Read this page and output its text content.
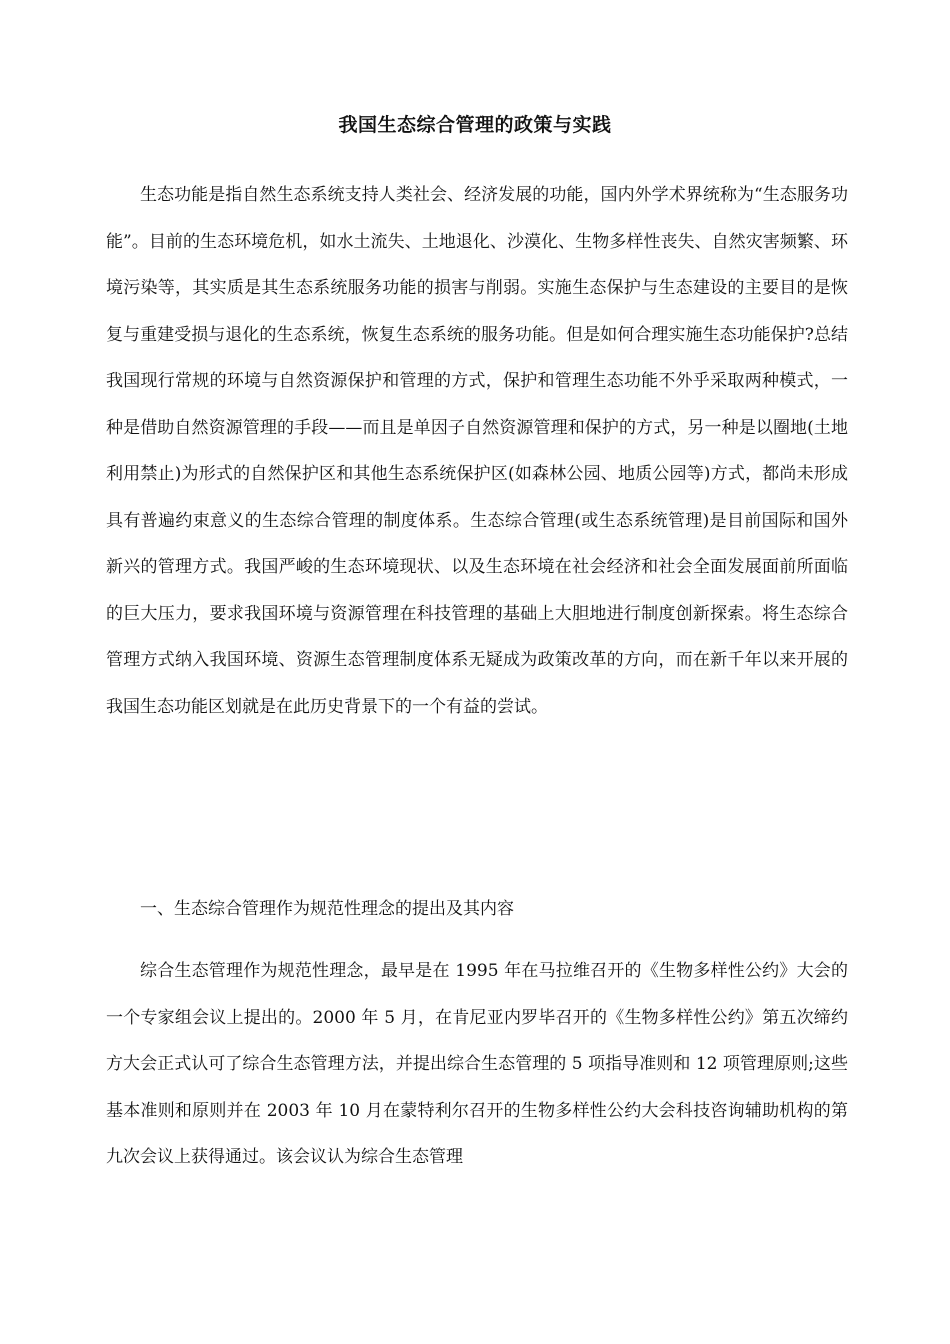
我国生态综合管理的政策与实践

生态功能是指自然生态系统支持人类社会、经济发展的功能，国内外学术界统称为“生态服务功能”。目前的生态环境危机，如水土流失、土地退化、沙漠化、生物多样性丧失、自然灾害频繁、环境污染等，其实质是其生态系统服务功能的损害与削弱。实施生态保护与生态建设的主要目的是恢复与重建受损与退化的生态系统，恢复生态系统的服务功能。但是如何合理实施生态功能保护?总结我国现行常规的环境与自然资源保护和管理的方式，保护和管理生态功能不外乎采取两种模式，一种是借助自然资源管理的手段——而且是单因子自然资源管理和保护的方式，另一种是以圈地(土地利用禁止)为形式的自然保护区和其他生态系统保护区(如森林公园、地质公园等)方式，都尚未形成具有普遍约束意义的生态综合管理的制度体系。生态综合管理(或生态系统管理)是目前国际和国外新兴的管理方式。我国严峻的生态环境现状、以及生态环境在社会经济和社会全面发展面前所面临的巨大压力，要求我国环境与资源管理在科技管理的基础上大胆地进行制度创新探索。将生态综合管理方式纳入我国环境、资源生态管理制度体系无疑成为政策改革的方向，而在新千年以来开展的我国生态功能区划就是在此历史背景下的一个有益的尝试。

一、生态综合管理作为规范性理念的提出及其内容

综合生态管理作为规范性理念，最早是在 1995 年在马拉维召开的《生物多样性公约》大会的一个专家组会议上提出的。2000 年 5 月，在肯尼亚内罗毕召开的《生物多样性公约》第五次缔约方大会正式认可了综合生态管理方法，并提出综合生态管理的 5 项指导准则和 12 项管理原则;这些基本准则和原则并在 2003 年 10 月在蒙特利尔召开的生物多样性公约大会科技咨询辅助机构的第九次会议上获得通过。该会议认为综合生态管理
